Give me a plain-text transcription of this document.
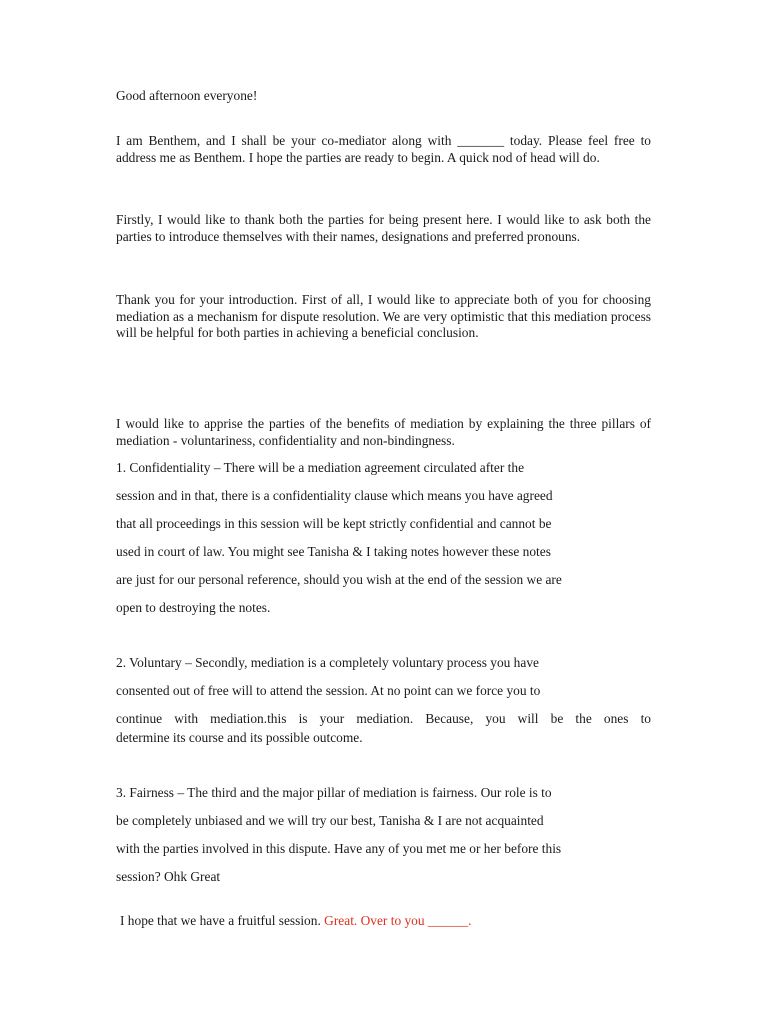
Good afternoon everyone!

I am Benthem, and I shall be your co-mediator along with _______ today. Please feel free to address me as Benthem. I hope the parties are ready to begin. A quick nod of head will do.

Firstly, I would like to thank both the parties for being present here. I would like to ask both the parties to introduce themselves with their names, designations and preferred pronouns.

Thank you for your introduction. First of all, I would like to appreciate both of you for choosing mediation as a mechanism for dispute resolution. We are very optimistic that this mediation process will be helpful for both parties in achieving a beneficial conclusion.

I would like to apprise the parties of the benefits of mediation by explaining the three pillars of mediation - voluntariness, confidentiality and non-bindingness.

1. Confidentiality – There will be a mediation agreement circulated after the

session and in that, there is a confidentiality clause which means you have agreed

that all proceedings in this session will be kept strictly confidential and cannot be

used in court of law. You might see Tanisha & I taking notes however these notes

are just for our personal reference, should you wish at the end of the session we are

open to destroying the notes.

2. Voluntary – Secondly, mediation is a completely voluntary process you have

consented out of free will to attend the session. At no point can we force you to

continue with mediation.this is your mediation. Because, you will be the ones to

determine its course and its possible outcome.

3. Fairness – The third and the major pillar of mediation is fairness. Our role is to

be completely unbiased and we will try our best, Tanisha & I are not acquainted

with the parties involved in this dispute. Have any of you met me or her before this

session? Ohk Great

I hope that we have a fruitful session. Great. Over to you ______.
